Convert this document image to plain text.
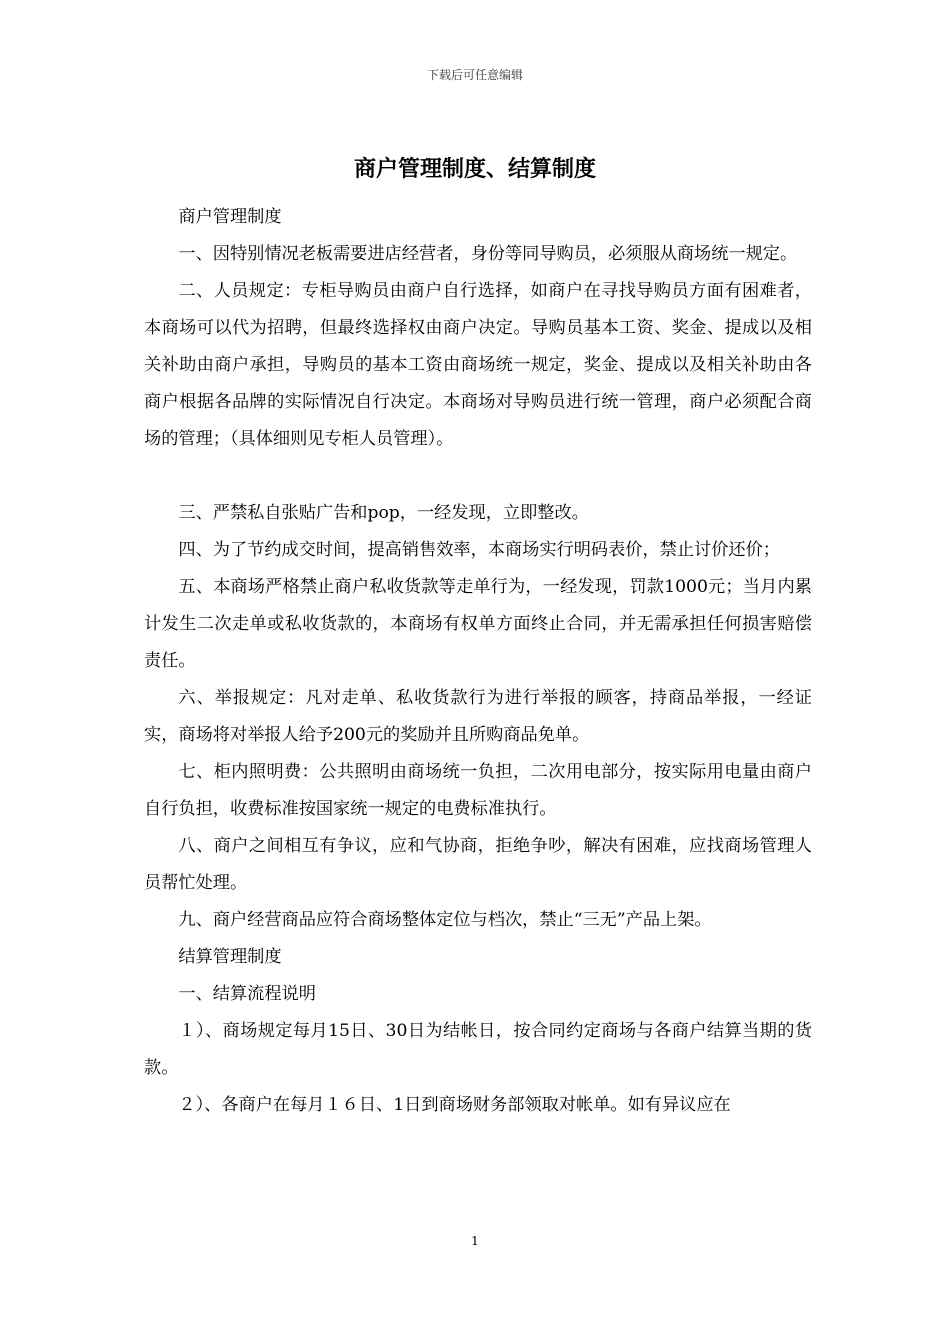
下载后可任意编辑
商户管理制度、结算制度

商户管理制度

一、因特别情况老板需要进店经营者，身份等同导购员，必须服从商场统一规定。

二、人员规定：专柜导购员由商户自行选择，如商户在寻找导购员方面有困难者，本商场可以代为招聘，但最终选择权由商户决定。导购员基本工资、奖金、提成以及相关补助由商户承担，导购员的基本工资由商场统一规定，奖金、提成以及相关补助由各商户根据各品牌的实际情况自行决定。本商场对导购员进行统一管理，商户必须配合商场的管理；（具体细则见专柜人员管理）。

三、严禁私自张贴广告和pop，一经发现，立即整改。

四、为了节约成交时间，提高销售效率，本商场实行明码表价，禁止讨价还价；

五、本商场严格禁止商户私收货款等走单行为，一经发现，罚款1000元；当月内累计发生二次走单或私收货款的，本商场有权单方面终止合同，并无需承担任何损害赔偿责任。

六、举报规定：凡对走单、私收货款行为进行举报的顾客，持商品举报，一经证实，商场将对举报人给予200元的奖励并且所购商品免单。

七、柜内照明费：公共照明由商场统一负担，二次用电部分，按实际用电量由商户自行负担，收费标准按国家统一规定的电费标准执行。

八、商户之间相互有争议，应和气协商，拒绝争吵，解决有困难，应找商场管理人员帮忙处理。

九、商户经营商品应符合商场整体定位与档次，禁止“三无”产品上架。

结算管理制度

一、结算流程说明

１）、商场规定每月15日、30日为结帐日，按合同约定商场与各商户结算当期的货款。

２）、各商户在每月１６日、1日到商场财务部领取对帐单。如有异议应在

1
